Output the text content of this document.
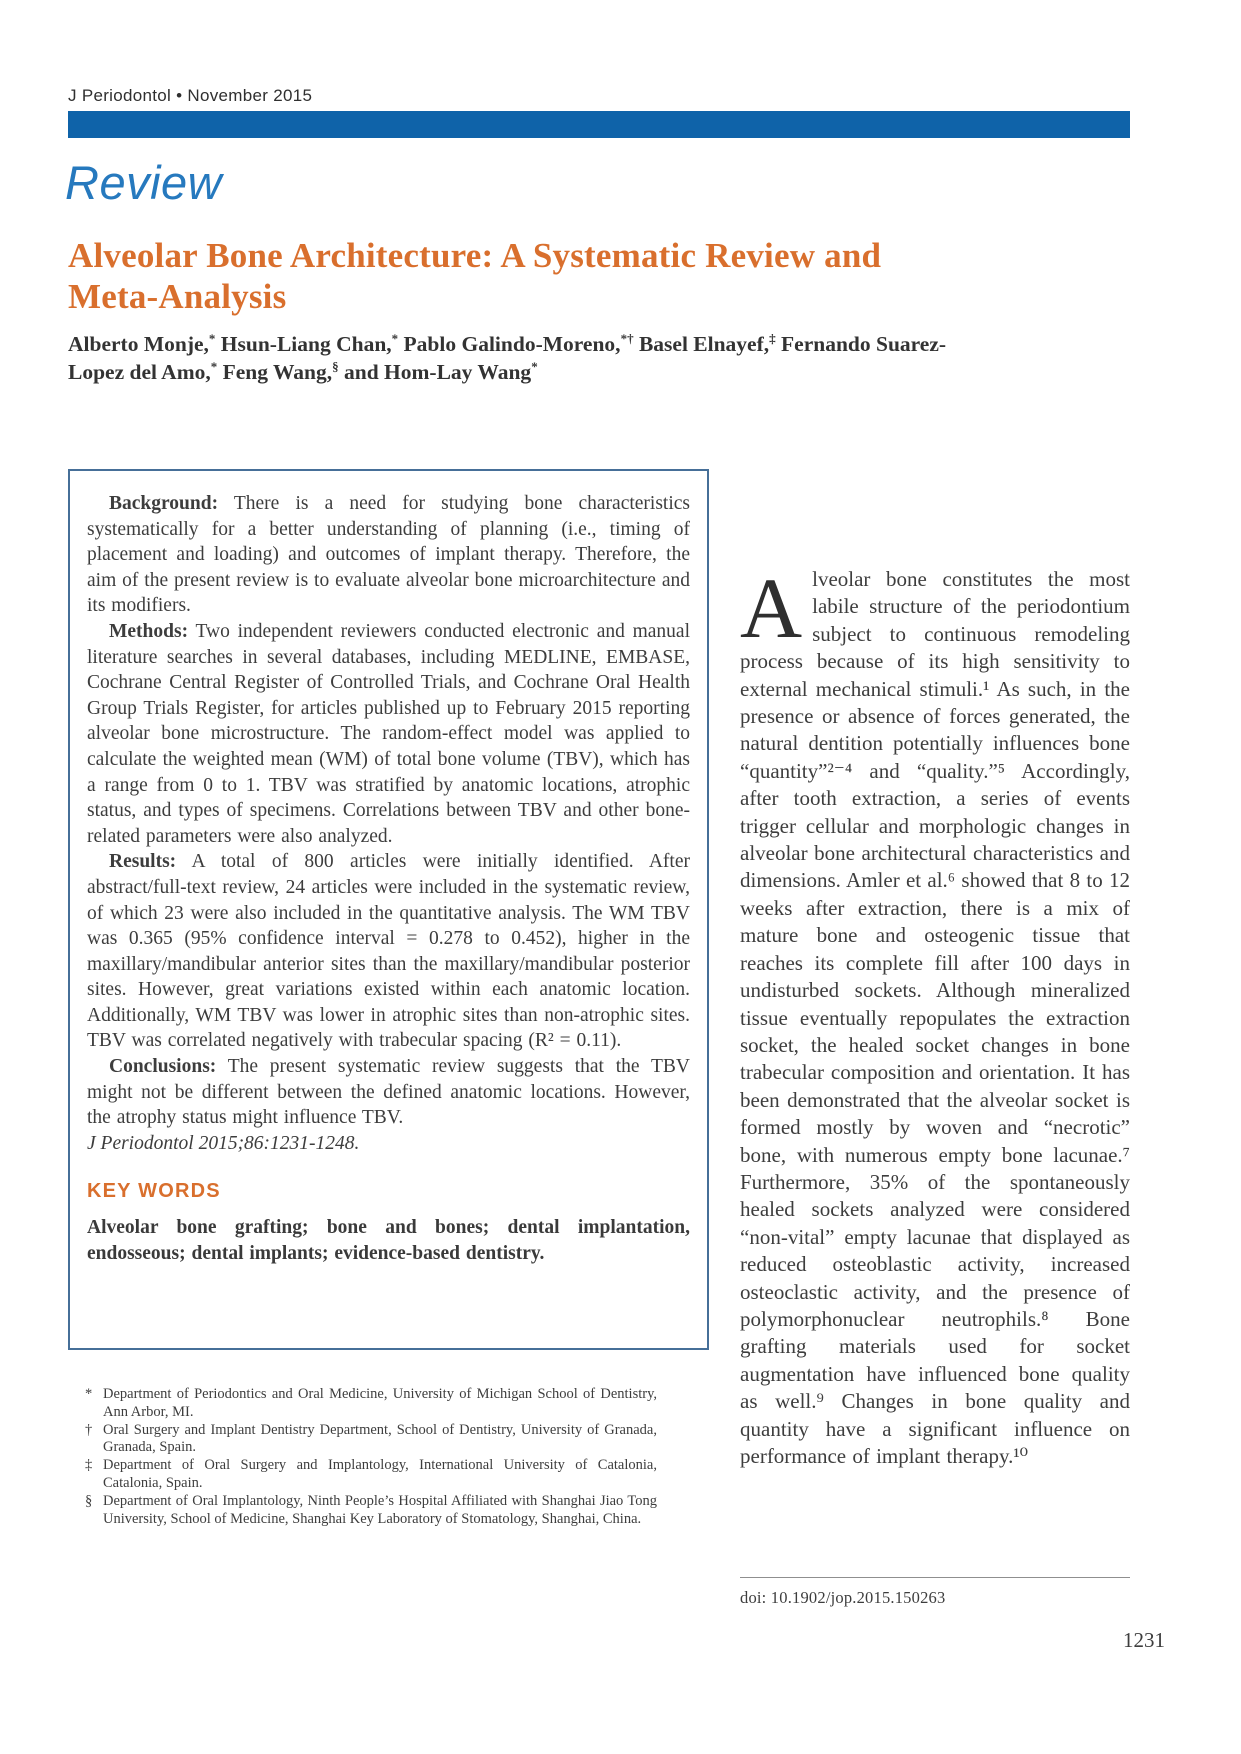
J Periodontol • November 2015
Review
Alveolar Bone Architecture: A Systematic Review and Meta-Analysis
Alberto Monje,* Hsun-Liang Chan,* Pablo Galindo-Moreno,*† Basel Elnayef,‡ Fernando Suarez-Lopez del Amo,* Feng Wang,§ and Hom-Lay Wang*

Background: There is a need for studying bone characteristics systematically for a better understanding of planning (i.e., timing of placement and loading) and outcomes of implant therapy. Therefore, the aim of the present review is to evaluate alveolar bone microarchitecture and its modifiers.

Methods: Two independent reviewers conducted electronic and manual literature searches in several databases, including MEDLINE, EMBASE, Cochrane Central Register of Controlled Trials, and Cochrane Oral Health Group Trials Register, for articles published up to February 2015 reporting alveolar bone microstructure. The random-effect model was applied to calculate the weighted mean (WM) of total bone volume (TBV), which has a range from 0 to 1. TBV was stratified by anatomic locations, atrophic status, and types of specimens. Correlations between TBV and other bone-related parameters were also analyzed.

Results: A total of 800 articles were initially identified. After abstract/full-text review, 24 articles were included in the systematic review, of which 23 were also included in the quantitative analysis. The WM TBV was 0.365 (95% confidence interval = 0.278 to 0.452), higher in the maxillary/mandibular anterior sites than the maxillary/mandibular posterior sites. However, great variations existed within each anatomic location. Additionally, WM TBV was lower in atrophic sites than non-atrophic sites. TBV was correlated negatively with trabecular spacing (R² = 0.11).

Conclusions: The present systematic review suggests that the TBV might not be different between the defined anatomic locations. However, the atrophy status might influence TBV.

J Periodontol 2015;86:1231-1248.

KEY WORDS
Alveolar bone grafting; bone and bones; dental implantation, endosseous; dental implants; evidence-based dentistry.
* Department of Periodontics and Oral Medicine, University of Michigan School of Dentistry, Ann Arbor, MI.
† Oral Surgery and Implant Dentistry Department, School of Dentistry, University of Granada, Granada, Spain.
‡ Department of Oral Surgery and Implantology, International University of Catalonia, Catalonia, Spain.
§ Department of Oral Implantology, Ninth People’s Hospital Affiliated with Shanghai Jiao Tong University, School of Medicine, Shanghai Key Laboratory of Stomatology, Shanghai, China.

Alveolar bone constitutes the most labile structure of the periodontium subject to continuous remodeling process because of its high sensitivity to external mechanical stimuli.¹ As such, in the presence or absence of forces generated, the natural dentition potentially influences bone “quantity”²⁻⁴ and “quality.”⁵ Accordingly, after tooth extraction, a series of events trigger cellular and morphologic changes in alveolar bone architectural characteristics and dimensions. Amler et al.⁶ showed that 8 to 12 weeks after extraction, there is a mix of mature bone and osteogenic tissue that reaches its complete fill after 100 days in undisturbed sockets. Although mineralized tissue eventually repopulates the extraction socket, the healed socket changes in bone trabecular composition and orientation. It has been demonstrated that the alveolar socket is formed mostly by woven and “necrotic” bone, with numerous empty bone lacunae.⁷ Furthermore, 35% of the spontaneously healed sockets analyzed were considered “non-vital” empty lacunae that displayed as reduced osteoblastic activity, increased osteoclastic activity, and the presence of polymorphonuclear neutrophils.⁸ Bone grafting materials used for socket augmentation have influenced bone quality as well.⁹ Changes in bone quality and quantity have a significant influence on performance of implant therapy.¹⁰

doi: 10.1902/jop.2015.150263
1231
